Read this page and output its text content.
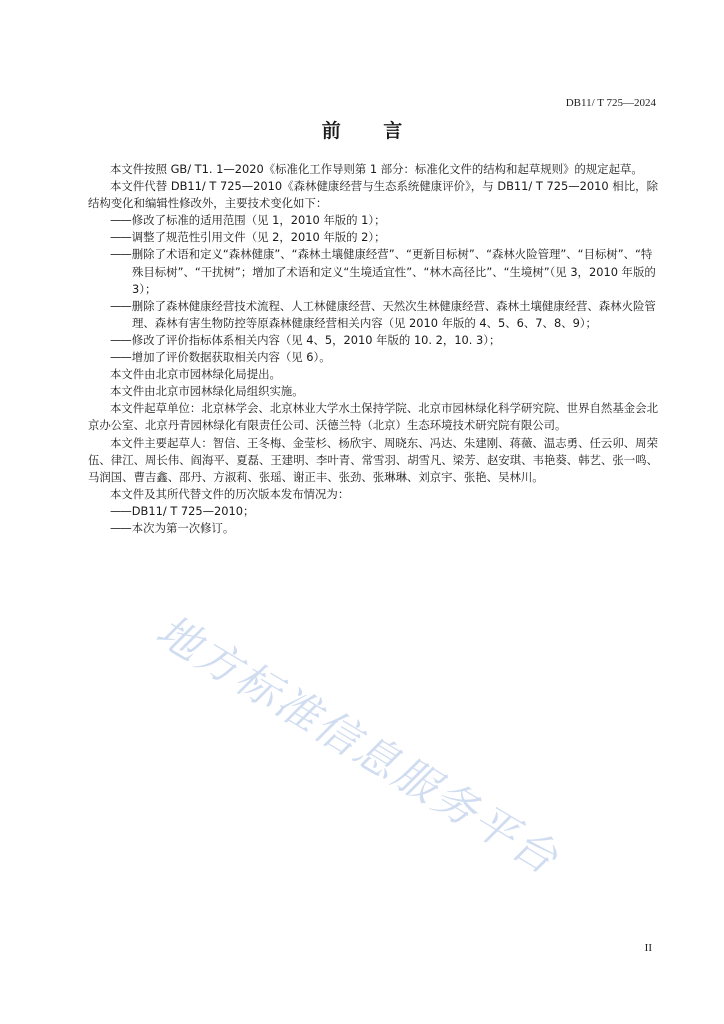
DB11/ T 725—2024
前 言

本文件按照 GB/ T1. 1—2020《标准化工作导则第 1 部分：标准化文件的结构和起草规则》的规定起草。

本文件代替 DB11/ T 725—2010《森林健康经营与生态系统健康评价》，与 DB11/ T 725—2010 相比，除结构变化和编辑性修改外，主要技术变化如下：

—— 修改了标准的适用范围（见 1，2010 年版的 1）；

—— 调整了规范性引用文件（见 2，2010 年版的 2）；

—— 删除了术语和定义“森林健康”、“森林土壤健康经营”、“更新目标树”、“森林火险管理”、“目标树”、“特殊目标树”、“干扰树”；增加了术语和定义“生境适宜性”、“林木高径比”、“生境树”（见 3，2010 年版的 3）；

—— 删除了森林健康经营技术流程、人工林健康经营、天然次生林健康经营、森林土壤健康经营、森林火险管理、森林有害生物防控等原森林健康经营相关内容（见 2010 年版的 4、5、6、7、8、9）；

—— 修改了评价指标体系相关内容（见 4、5，2010 年版的 10. 2，10. 3）；

—— 增加了评价数据获取相关内容（见 6）。

本文件由北京市园林绿化局提出。

本文件由北京市园林绿化局组织实施。

本文件起草单位：北京林学会、北京林业大学水土保持学院、北京市园林绿化科学研究院、世界自然基金会北京办公室、北京丹青园林绿化有限责任公司、沃德兰特（北京）生态环境技术研究院有限公司。

本文件主要起草人：智信、王冬梅、金莹杉、杨欣宇、周晓东、冯达、朱建刚、蒋薇、温志勇、任云卯、周荣伍、律江、周长伟、阎海平、夏磊、王建明、李叶青、常雪羽、胡雪凡、梁芳、赵安琪、韦艳葵、韩艺、张一鸣、马润国、曹吉鑫、邵丹、方淑莉、张瑶、谢正丰、张劲、张琳琳、刘京宇、张艳、吴林川。

本文件及其所代替文件的历次版本发布情况为：

—— DB11/ T 725—2010；

—— 本次为第一次修订。

地方标准信息服务平台
II
